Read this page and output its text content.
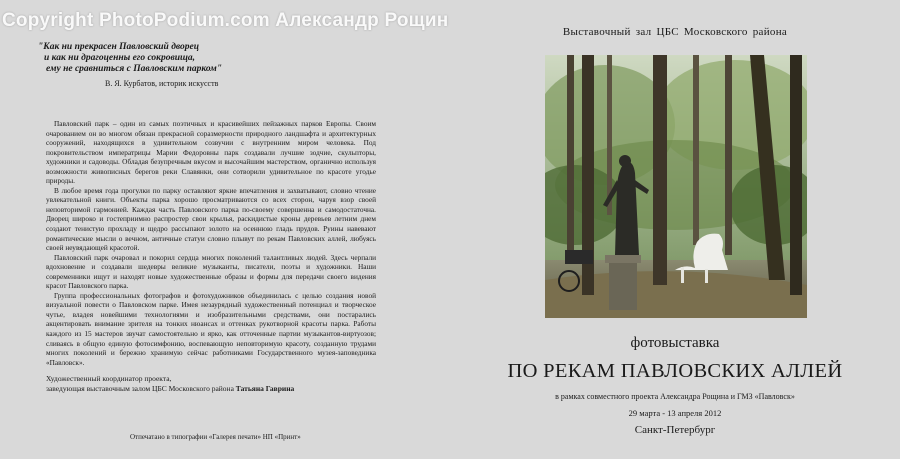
Copyright PhotoPodium.com Александр Рощин
"Как ни прекрасен Павловский дворец
и как ни драгоценны его сокровища,
ему не сравниться с Павловским парком"
В. Я. Курбатов, историк искусств

Павловский парк – один из самых поэтичных и красивейших пейзажных парков Европы. Своим очарованием он во многом обязан прекрасной соразмерности природного ландшафта и архитектурных сооружений, находящихся в удивительном созвучии с внутренним миром человека. Под покровительством императрицы Марии Федоровны парк создавали лучшие зодчие, скульпторы, художники и садоводы. Обладая безупречным вкусом и высочайшим мастерством, органично используя возможности живописных берегов реки Славянки, они сотворили удивительное по красоте угодье природы.

В любое время года прогулки по парку оставляют яркие впечатления и захватывают, словно чтение увлекательной книги. Объекты парка хорошо просматриваются со всех сторон, чаруя взор своей неповторимой гармонией. Каждая часть Павловского парка по-своему совершенна и самодостаточна. Дворец широко и гостеприимно распростер свои крылья, раскидистые кроны деревьев летним днем создают тенистую прохладу и щедро рассыпают золото на осеннюю гладь прудов. Руины навевают романтические мысли о вечном, античные статуи словно плывут по рекам Павловских аллей, любуясь своей неувядающей красотой.

Павловский парк очаровал и покорил сердца многих поколений талантливых людей. Здесь черпали вдохновение и создавали шедевры великие музыканты, писатели, поэты и художники. Наши современники ищут и находят новые художественные образы и формы для передачи своего видения красот Павловского парка.

Группа профессиональных фотографов и фотохудожников объединилась с целью создания новой визуальной повести о Павловском парке. Имея незаурядный художественный потенциал и творческое чутье, владея новейшими технологиями и изобразительными средствами, они постарались акцентировать внимание зрителя на тонких нюансах и оттенках рукотворной красоты парка. Работы каждого из 15 мастеров звучат самостоятельно и ярко, как отточенные партии музыкантов-виртуозов; сливаясь в общую единую фотосимфонию, воспевающую неповторимую красоту, созданную трудами многих поколений и бережно хранимую сейчас работниками Государственного музея-заповедника «Павловск».

Художественный координатор проекта,
заведующая выставочным залом ЦБС Московского района Татьяна Гаврина
Отпечатано в типографии «Галерея печати» НП «Принт»
Выставочный зал ЦБС Московского района
фотовыставка
ПО РЕКАМ ПАВЛОВСКИХ АЛЛЕЙ
в рамках совместного проекта Александра Рощина и ГМЗ «Павловск»
29 марта - 13 апреля 2012
Санкт-Петербург
